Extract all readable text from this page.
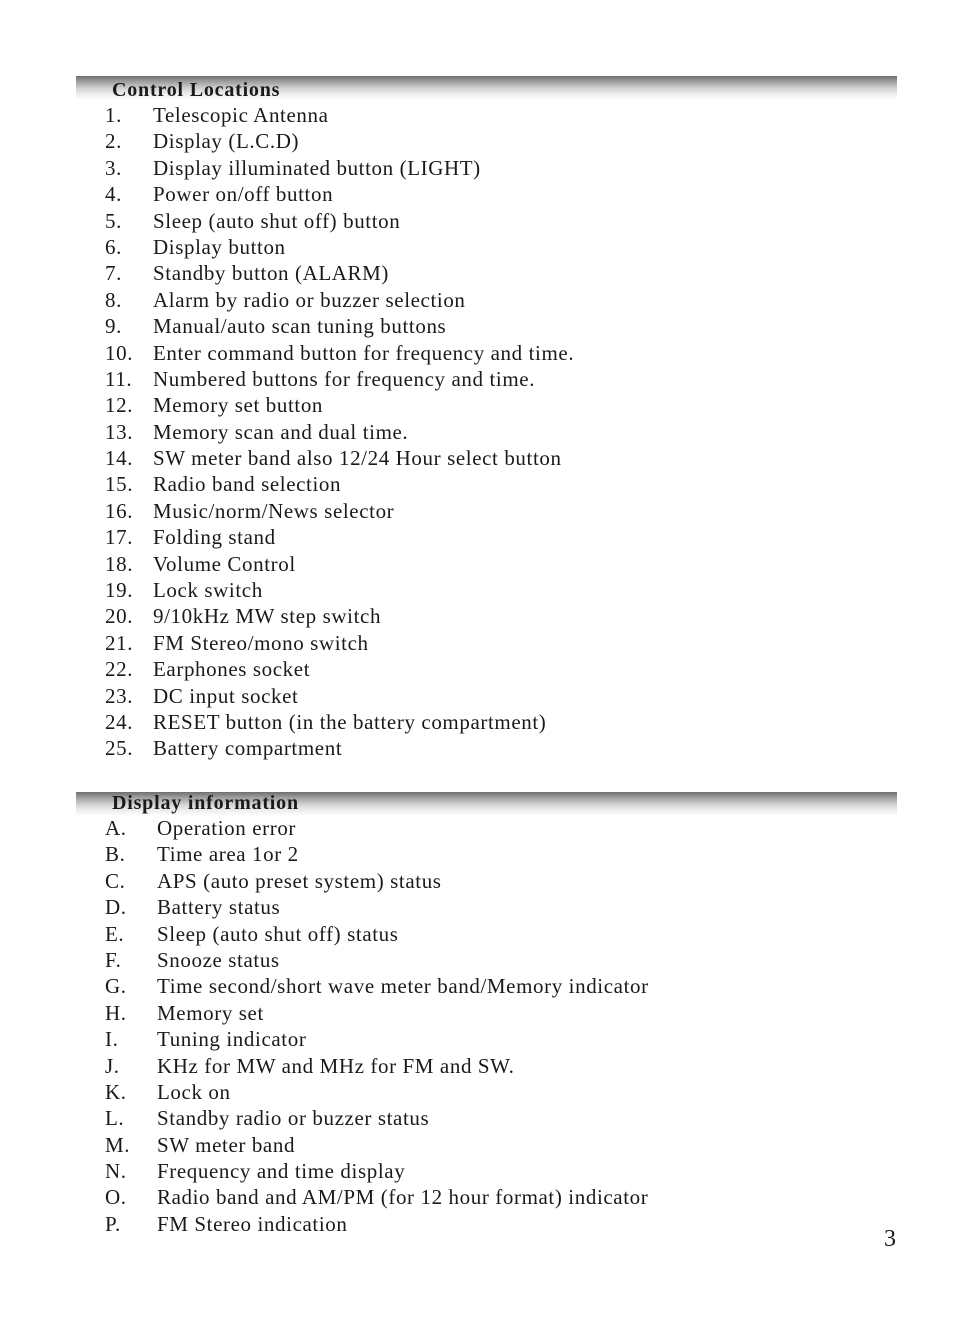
Control Locations
1. Telescopic Antenna
2. Display (L.C.D)
3. Display illuminated button (LIGHT)
4. Power on/off button
5. Sleep (auto shut off) button
6. Display button
7. Standby button (ALARM)
8. Alarm by radio or buzzer selection
9. Manual/auto scan tuning buttons
10. Enter command button for frequency and time.
11. Numbered buttons for frequency and time.
12. Memory set button
13. Memory scan and dual time.
14. SW meter band also 12/24 Hour select button
15. Radio band selection
16. Music/norm/News selector
17. Folding stand
18. Volume Control
19. Lock switch
20. 9/10kHz MW step switch
21. FM Stereo/mono switch
22. Earphones socket
23. DC input socket
24. RESET button (in the battery compartment)
25. Battery compartment
Display information
A. Operation error
B. Time area 1or 2
C. APS (auto preset system) status
D. Battery status
E. Sleep (auto shut off) status
F. Snooze status
G. Time second/short wave meter band/Memory indicator
H. Memory set
I. Tuning indicator
J. KHz for MW and MHz for FM and SW.
K. Lock on
L. Standby radio or buzzer status
M. SW meter band
N. Frequency and time display
O. Radio band and AM/PM (for 12 hour format) indicator
P. FM Stereo indication
3
